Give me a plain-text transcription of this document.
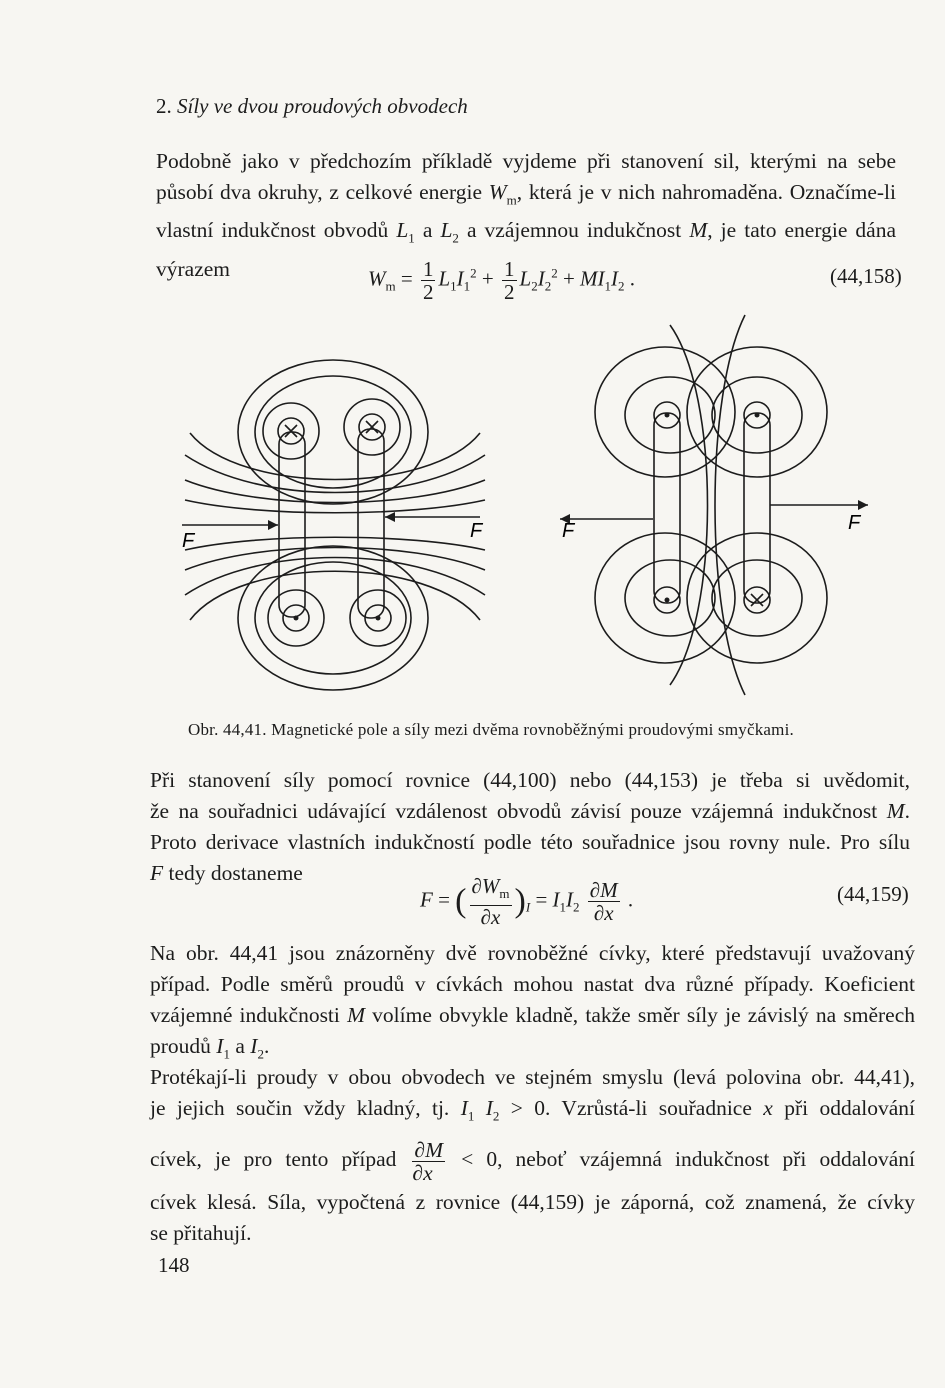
2. Síly ve dvou proudových obvodech
Podobně jako v předchozím příkladě vyjdeme při stanovení sil, kterými na sebe
působí dva okruhy, z celkové energie $W_m$, která je v nich nahromaděna. Označíme-li
vlastní indukčnost obvodů $L_1$ a $L_2$ a vzájemnou indukčnost M, je tato energie dána
výrazem	$W_m = \frac{1}{2} L_1I_1^2 + \frac{1}{2} L_2I_2^2 + MI_1I_2$ .	(44,158)
F	F	F	F
Obr. 44,41. Magnetické pole a síly mezi dvěma rovnoběžnými proudovými smyčkami.
Při stanovení síly pomocí rovnice (44,100) nebo (44,153) je třeba si uvědomit,
že na souřadnici udávající vzdálenost obvodů závisí pouze vzájemná indukčnost M.
Proto derivace vlastních indukčností podle této souřadnice jsou rovny nule. Pro sílu
F tedy dostaneme
F = ( $\frac{\partial W_m}{\partial x} )_I = I_1I_2 \frac{\partial M}{\partial x}$ .	(44,159)
Na obr. 44,41 jsou znázorněny dvě rovnoběžné cívky, které představují uvažovaný
případ. Podle směrů proudů v cívkách mohou nastat dva různé případy. Koeficient
vzájemné indukčnosti M volíme obvykle kladně, takže směr síly je závislý na směrech
proudů $I_1$ a $I_2$.
Protékají-li proudy v obou obvodech ve stejném smyslu (levá polovina obr. 44,41),
je jejich součin vždy kladný, tj. $I_1$ $I_2 > 0$. Vzrůstá-li souřadnice x při oddalování
cívek, je pro tento případ $\frac{\partial M}{\partial x} < 0$, neboť vzájemná indukčnost při oddalování
cívek klesá. Síla, vypočtená z rovnice (44,159) je záporná, což znamená, že cívky
se přitahují.
148
